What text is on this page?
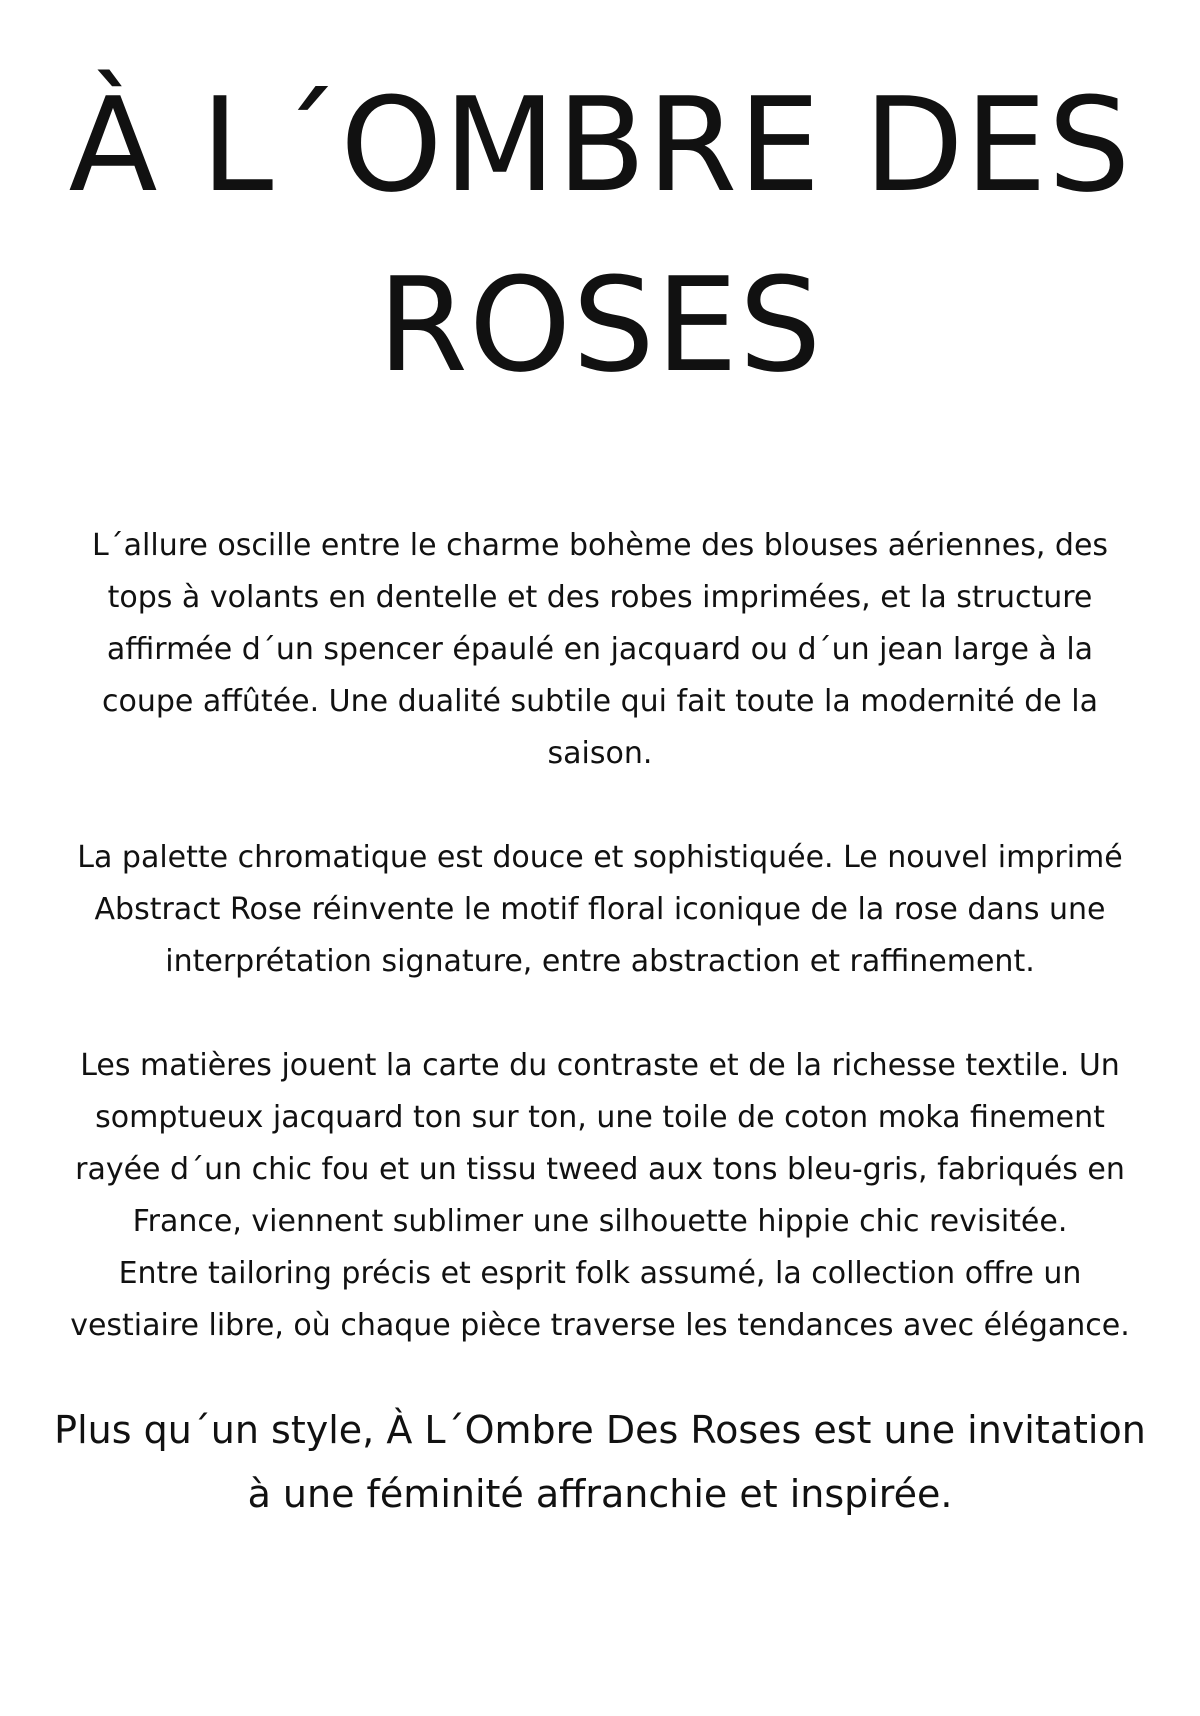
À L´OMBRE DES
ROSES
L´allure oscille entre le charme bohème des blouses aériennes, des
tops à volants en dentelle et des robes imprimées, et la structure
affirmée d´un spencer épaulé en jacquard ou d´un jean large à la
coupe affûtée. Une dualité subtile qui fait toute la modernité de la
saison.
La palette chromatique est douce et sophistiquée. Le nouvel imprimé
Abstract Rose réinvente le motif floral iconique de la rose dans une
interprétation signature, entre abstraction et raffinement.
Les matières jouent la carte du contraste et de la richesse textile. Un
somptueux jacquard ton sur ton, une toile de coton moka finement
rayée d´un chic fou et un tissu tweed aux tons bleu-gris, fabriqués en
France, viennent sublimer une silhouette hippie chic revisitée.
Entre tailoring précis et esprit folk assumé, la collection offre un
vestiaire libre, où chaque pièce traverse les tendances avec élégance.
Plus qu´un style, À L´Ombre Des Roses est une invitation
à une féminité affranchie et inspirée.
